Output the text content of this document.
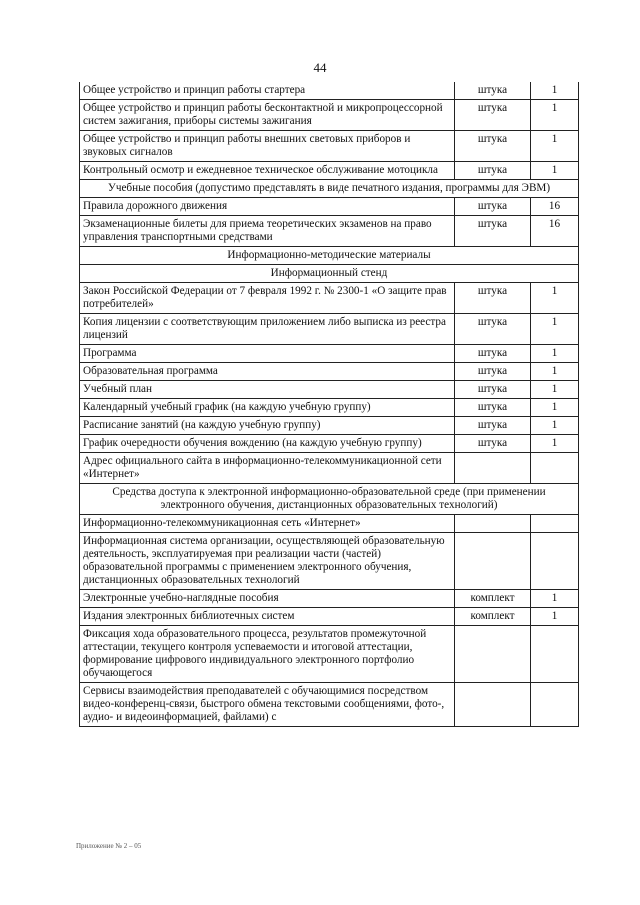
44
Общее устройство и принцип работы стартера	штука	1
Общее устройство и принцип работы бесконтактной и микропроцессорной систем зажигания, приборы системы зажигания	штука	1
Общее устройство и принцип работы внешних световых приборов и звуковых сигналов	штука	1
Контрольный осмотр и ежедневное техническое обслуживание мотоцикла	штука	1
Учебные пособия (допустимо представлять в виде печатного издания, программы для ЭВМ)		
Правила дорожного движения	штука	16
Экзаменационные билеты для приема теоретических экзаменов на право управления транспортными средствами	штука	16
Информационно-методические материалы		
Информационный стенд		
Закон Российской Федерации от 7 февраля 1992 г. № 2300-1 «О защите прав потребителей»	штука	1
Копия лицензии с соответствующим приложением либо выписка из реестра лицензий	штука	1
Программа	штука	1
Образовательная программа	штука	1
Учебный план	штука	1
Календарный учебный график (на каждую учебную группу)	штука	1
Расписание занятий (на каждую учебную группу)	штука	1
График очередности обучения вождению (на каждую учебную группу)	штука	1
Адрес официального сайта в информационно-телекоммуникационной сети «Интернет»		
Средства доступа к электронной информационно-образовательной среде (при применении электронного обучения, дистанционных образовательных технологий)		
Информационно-телекоммуникационная сеть «Интернет»		
Информационная система организации, осуществляющей образовательную деятельность, эксплуатируемая при реализации части (частей) образовательной программы с применением электронного обучения, дистанционных образовательных технологий		
Электронные учебно-наглядные пособия	комплект	1
Издания электронных библиотечных систем	комплект	1
Фиксация хода образовательного процесса, результатов промежуточной аттестации, текущего контроля успеваемости и итоговой аттестации, формирование цифрового индивидуального электронного портфолио обучающегося		
Сервисы взаимодействия преподавателей с обучающимися посредством видео-конференц-связи, быстрого обмена текстовыми сообщениями, фото-, аудио- и видеоинформацией, файлами) с		
Приложение № 2 – 05
